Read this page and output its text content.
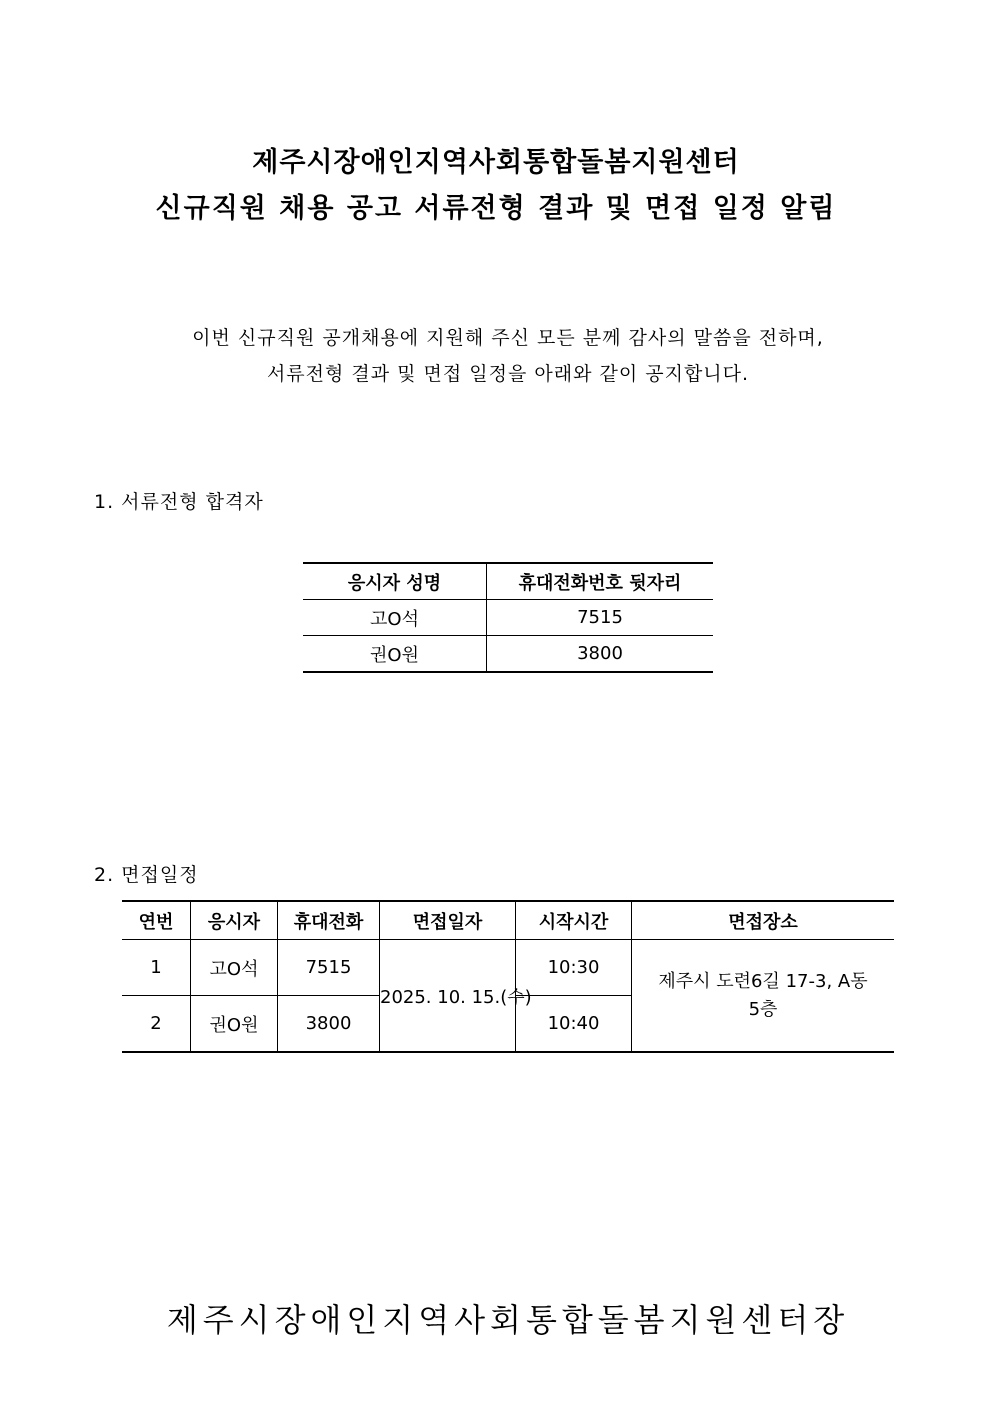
제주시장애인지역사회통합돌봄지원센터
신규직원 채용 공고 서류전형 결과 및 면접 일정 알림
이번 신규직원 공개채용에 지원해 주신 모든 분께 감사의 말씀을 전하며,
서류전형 결과 및 면접 일정을 아래와 같이 공지합니다.
1. 서류전형 합격자
응시자 성명	휴대전화번호 뒷자리
고O석	7515
권O원	3800
2. 면접일정
연번	응시자	휴대전화	면접일자	시작시간	면접장소
1	고O석	7515	2025. 10. 15.(수)	10:30	제주시 도련6길 17-3, A동 5층
2	권O원	3800		10:40	
제주시장애인지역사회통합돌봄지원센터장
